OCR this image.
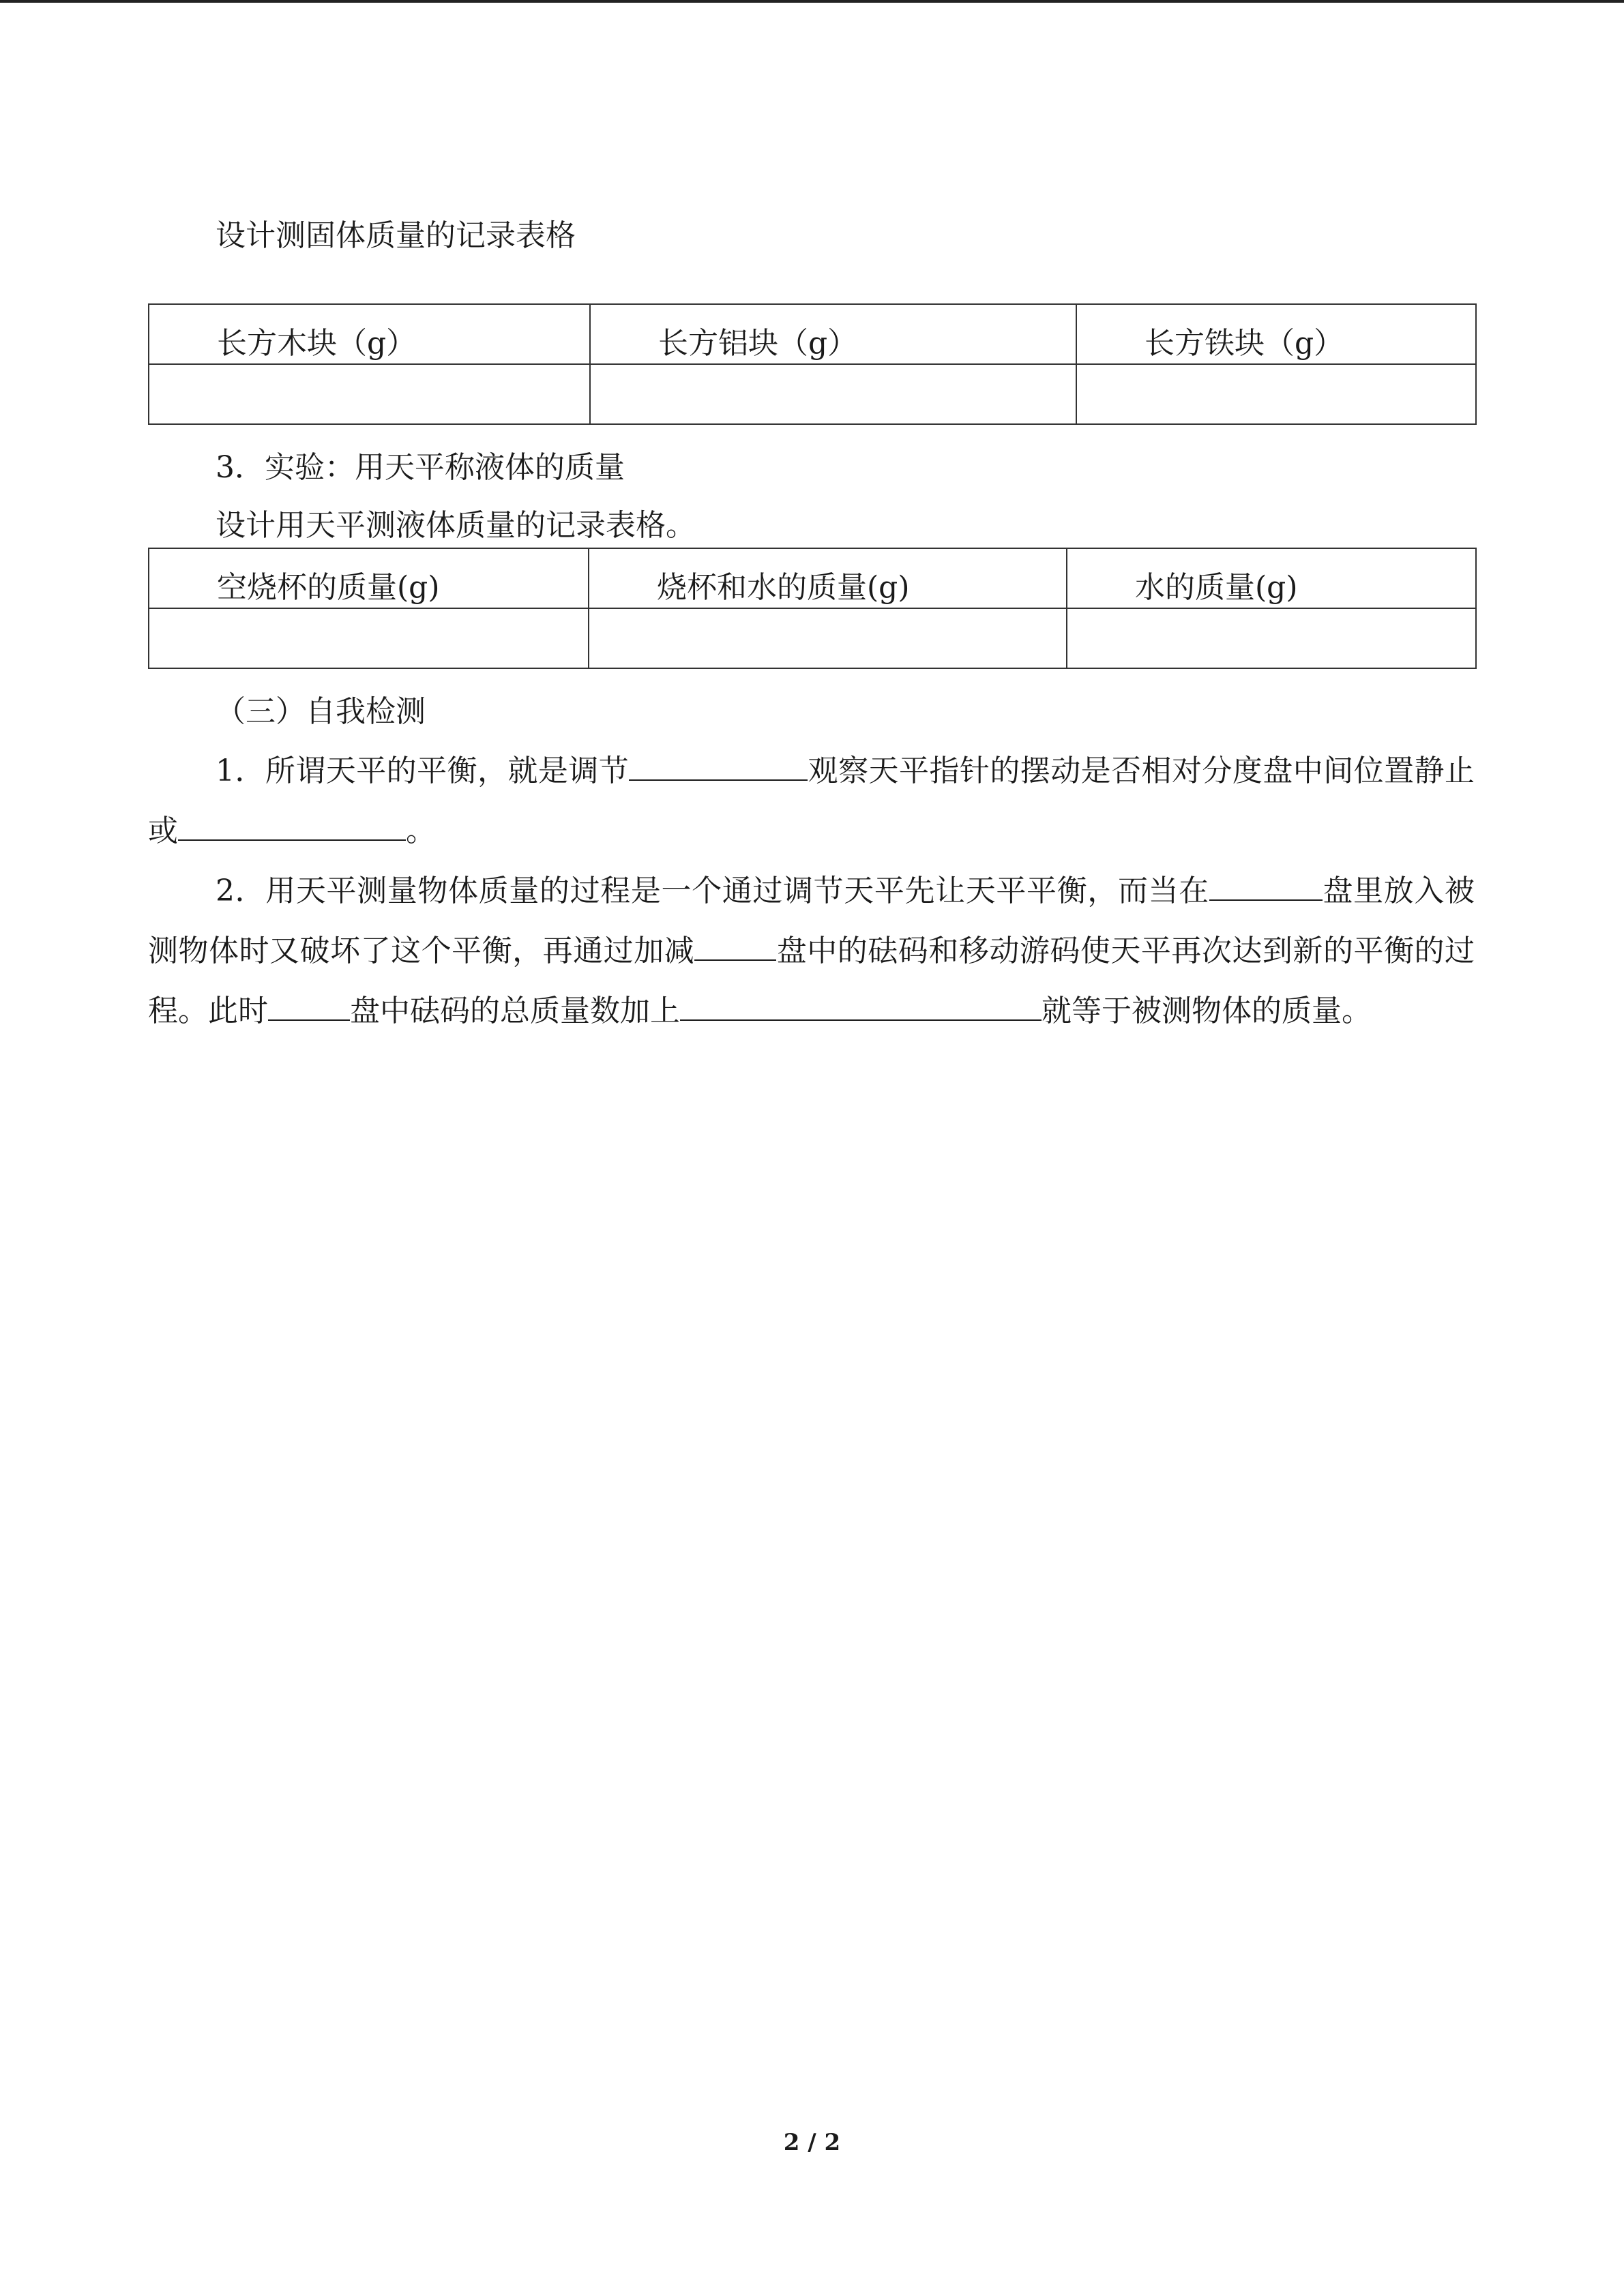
设计测固体质量的记录表格
长方木块（g）	长方铝块（g）	长方铁块（g）

3．实验：用天平称液体的质量
设计用天平测液体质量的记录表格。
空烧杯的质量(g)	烧杯和水的质量(g)	水的质量(g)

（三）自我检测
1．所谓天平的平衡，就是调节	观察天平指针的摆动是否相对分度盘中间位置静止或	。
2．用天平测量物体质量的过程是一个通过调节天平先让天平平衡，而当在	盘里放入被测物体时又破坏了这个平衡，再通过加减	盘中的砝码和移动游码使天平再次达到新的平衡的过程。此时	盘中砝码的总质量数加上	就等于被测物体的质量。
2 / 2
